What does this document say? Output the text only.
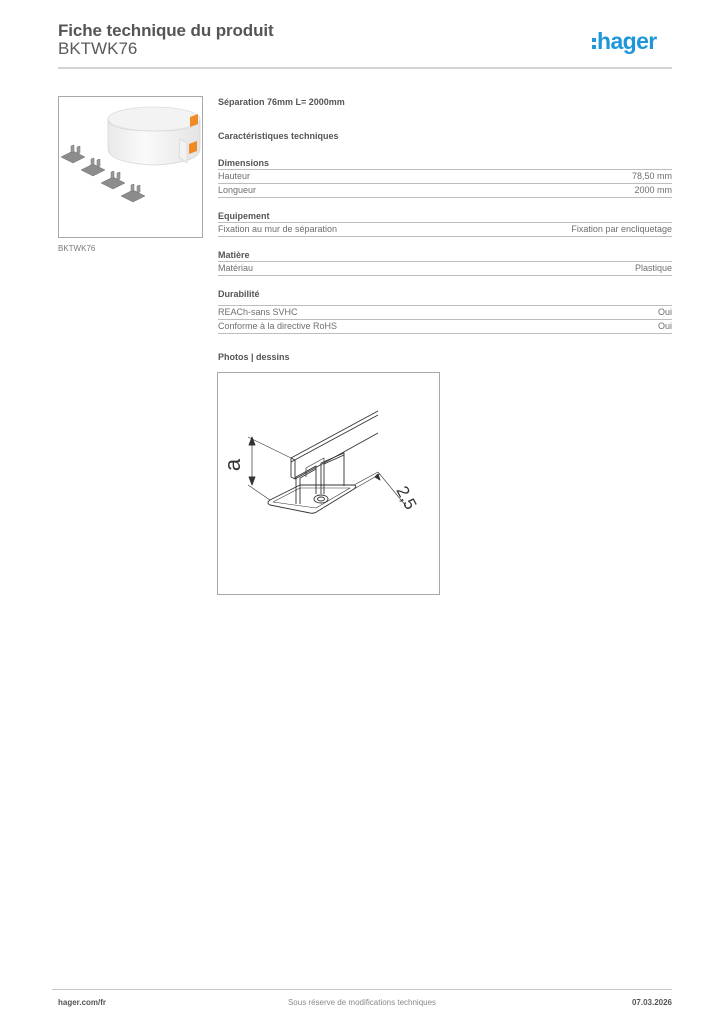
Fiche technique du produit
BKTWK76	hager
BKTWK76
Séparation 76mm L= 2000mm
Caractéristiques techniques
Dimensions
Hauteur	78,50 mm
Longueur	2000 mm
Equipement
Fixation au mur de séparation	Fixation par encliquetage
Matière
Matériau	Plastique
Durabilité
REACh-sans SVHC	Oui
Conforme à la directive RoHS	Oui
Photos | dessins
a
2,5
hager.com/fr	Sous réserve de modifications techniques	07.03.2026
